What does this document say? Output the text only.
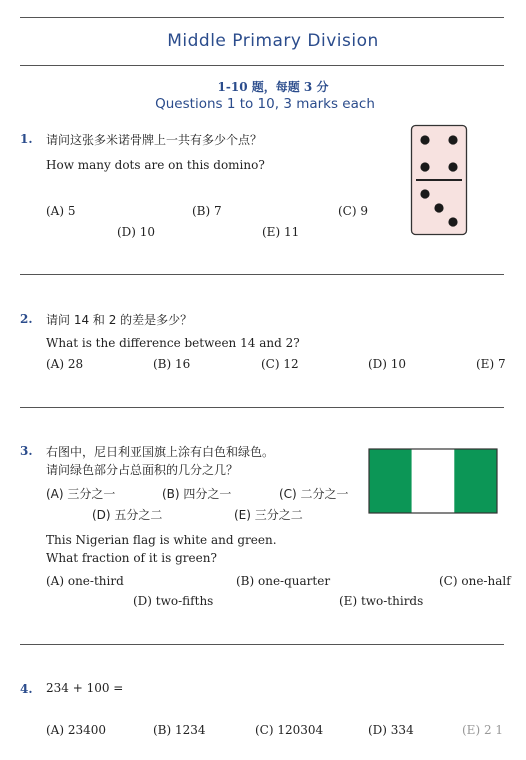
Middle Primary Division
1-10 题，每题 3 分
Questions 1 to 10, 3 marks each
1. 请问这张多米诺骨牌上一共有多少个点？
How many dots are on this domino?
(A) 5	(B) 7	(C) 9
(D) 10	(E) 11
2. 请问 14 和 2 的差是多少？
What is the difference between 14 and 2?
(A) 28	(B) 16	(C) 12	(D) 10	(E) 7
3. 右图中，尼日利亚国旗上涂有白色和绿色。
请问绿色部分占总面积的几分之几？
(A) 三分之一	(B) 四分之一	(C) 二分之一
(D) 五分之二	(E) 三分之二
This Nigerian flag is white and green.
What fraction of it is green?
(A) one-third	(B) one-quarter	(C) one-half
(D) two-fifths	(E) two-thirds
4. 234 + 100 =
(A) 23400	(B) 1234	(C) 120304	(D) 334	(E) 2 1
